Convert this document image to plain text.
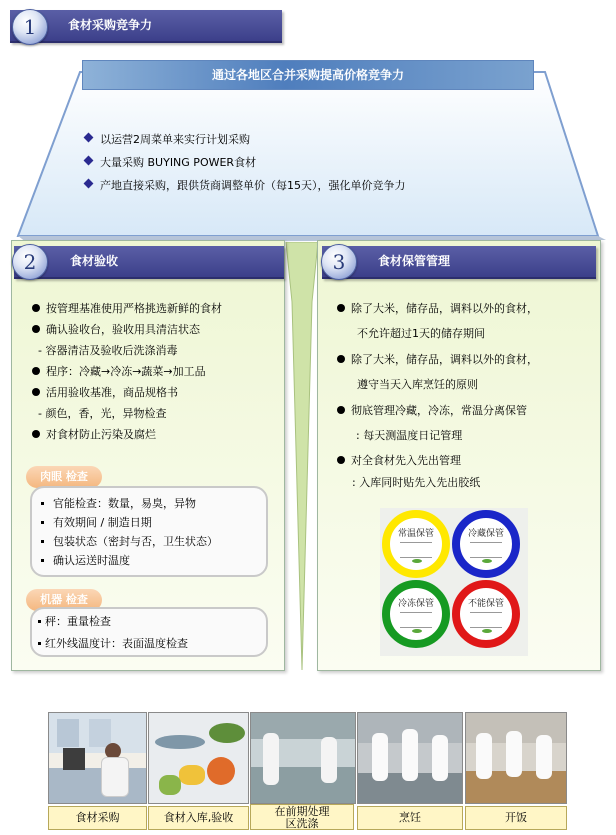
食材采购竞争力
1
通过各地区合并采购提高价格竞争力
以运营2周菜单来实行计划采购
大量采购 BUYING POWER食材
产地直接采购，跟供货商调整单价（每15天），强化单价竞争力
食材验收
2
按管理基准使用严格挑选新鲜的食材
确认验收台，验收用具清洁状态
- 容器清洁及验收后洗涤消毒
程序：冷藏→冷冻→蔬菜→加工品
活用验收基准，商品规格书
- 颜色，香，光，异物检查
对食材防止污染及腐烂
肉眼 检查
官能检查：数量，易臭，异物
有效期间 / 制造日期
包装状态（密封与否，卫生状态）
确认运送时温度
机器 检查
秤：重量检查
红外线温度计：表面温度检查
食材保管管理
3
除了大米，储存品，调料以外的食材，
不允许超过1天的储存期间
除了大米，储存品，调料以外的食材，
遵守当天入库烹饪的原则
彻底管理冷藏，冷冻，常温分离保管
: 每天测温度日记管理
对全食材先入先出管理
: 入库同时贴先入先出胶纸
常温保管	冷藏保管
冷冻保管	不能保管
食材采购	食材入库,验收	在前期处理区洗涤	烹饪	开饭
